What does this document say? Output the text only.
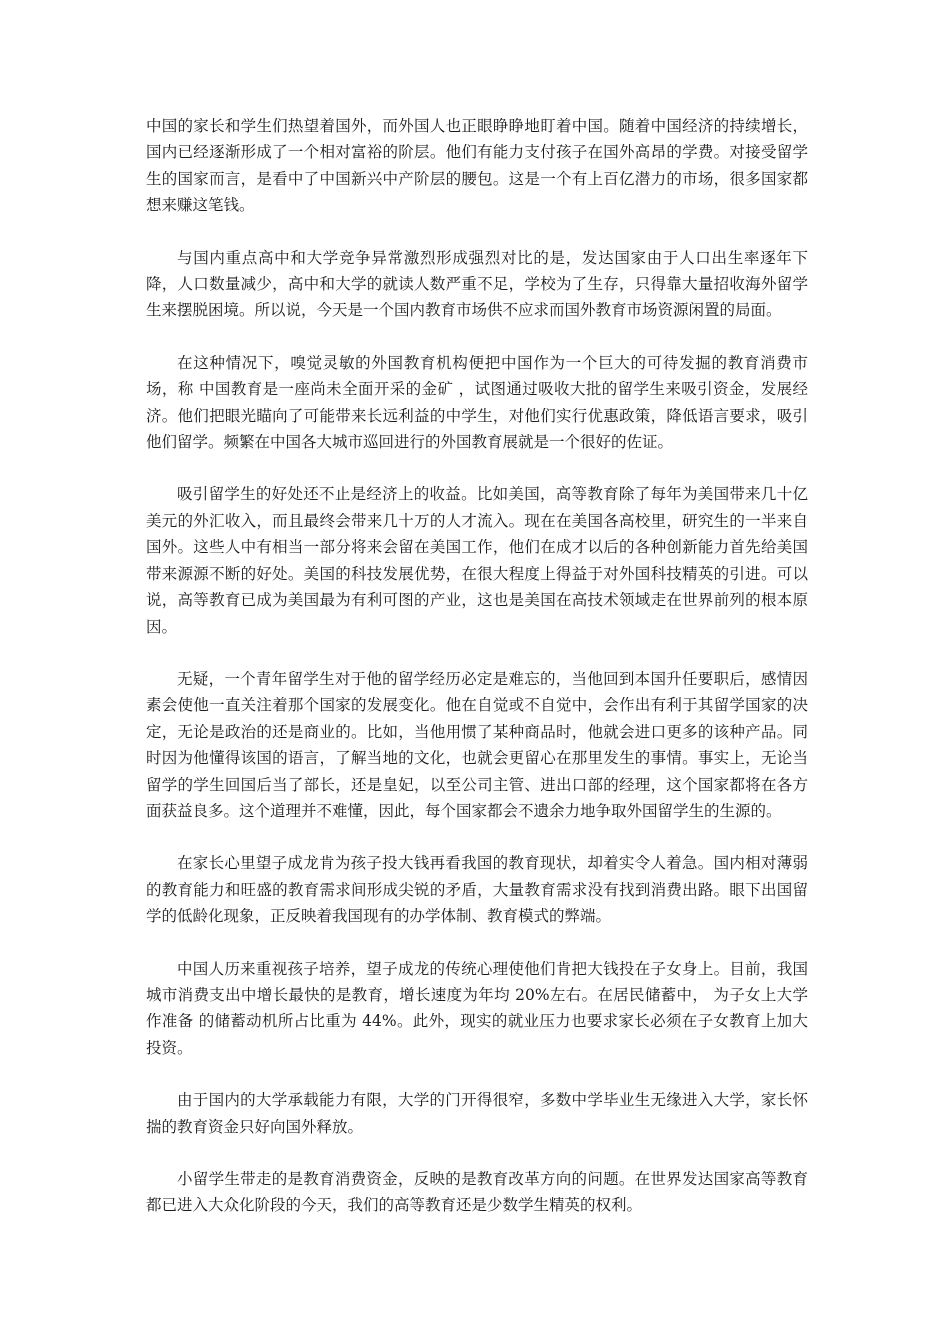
中国的家长和学生们热望着国外，而外国人也正眼睁睁地盯着中国。随着中国经济的持续增长，国内已经逐渐形成了一个相对富裕的阶层。他们有能力支付孩子在国外高昂的学费。对接受留学生的国家而言，是看中了中国新兴中产阶层的腰包。这是一个有上百亿潜力的市场，很多国家都想来赚这笔钱。

与国内重点高中和大学竞争异常激烈形成强烈对比的是，发达国家由于人口出生率逐年下降，人口数量减少，高中和大学的就读人数严重不足，学校为了生存，只得靠大量招收海外留学生来摆脱困境。所以说，今天是一个国内教育市场供不应求而国外教育市场资源闲置的局面。

在这种情况下，嗅觉灵敏的外国教育机构便把中国作为一个巨大的可待发掘的教育消费市场，称 中国教育是一座尚未全面开采的金矿 ，试图通过吸收大批的留学生来吸引资金，发展经济。他们把眼光瞄向了可能带来长远利益的中学生，对他们实行优惠政策，降低语言要求，吸引他们留学。频繁在中国各大城市巡回进行的外国教育展就是一个很好的佐证。

吸引留学生的好处还不止是经济上的收益。比如美国，高等教育除了每年为美国带来几十亿美元的外汇收入，而且最终会带来几十万的人才流入。现在在美国各高校里，研究生的一半来自国外。这些人中有相当一部分将来会留在美国工作，他们在成才以后的各种创新能力首先给美国带来源源不断的好处。美国的科技发展优势，在很大程度上得益于对外国科技精英的引进。可以说，高等教育已成为美国最为有利可图的产业，这也是美国在高技术领域走在世界前列的根本原因。

无疑，一个青年留学生对于他的留学经历必定是难忘的，当他回到本国升任要职后，感情因素会使他一直关注着那个国家的发展变化。他在自觉或不自觉中，会作出有利于其留学国家的决定，无论是政治的还是商业的。比如，当他用惯了某种商品时，他就会进口更多的该种产品。同时因为他懂得该国的语言，了解当地的文化，也就会更留心在那里发生的事情。事实上，无论当留学的学生回国后当了部长，还是皇妃，以至公司主管、进出口部的经理，这个国家都将在各方面获益良多。这个道理并不难懂，因此，每个国家都会不遗余力地争取外国留学生的生源的。

在家长心里望子成龙肯为孩子投大钱再看我国的教育现状，却着实令人着急。国内相对薄弱的教育能力和旺盛的教育需求间形成尖锐的矛盾，大量教育需求没有找到消费出路。眼下出国留学的低龄化现象，正反映着我国现有的办学体制、教育模式的弊端。

中国人历来重视孩子培养，望子成龙的传统心理使他们肯把大钱投在子女身上。目前，我国城市消费支出中增长最快的是教育，增长速度为年均 20%左右。在居民储蓄中， 为子女上大学作准备 的储蓄动机所占比重为 44%。此外，现实的就业压力也要求家长必须在子女教育上加大投资。

由于国内的大学承载能力有限，大学的门开得很窄，多数中学毕业生无缘进入大学，家长怀揣的教育资金只好向国外释放。

小留学生带走的是教育消费资金，反映的是教育改革方向的问题。在世界发达国家高等教育都已进入大众化阶段的今天，我们的高等教育还是少数学生精英的权利。
